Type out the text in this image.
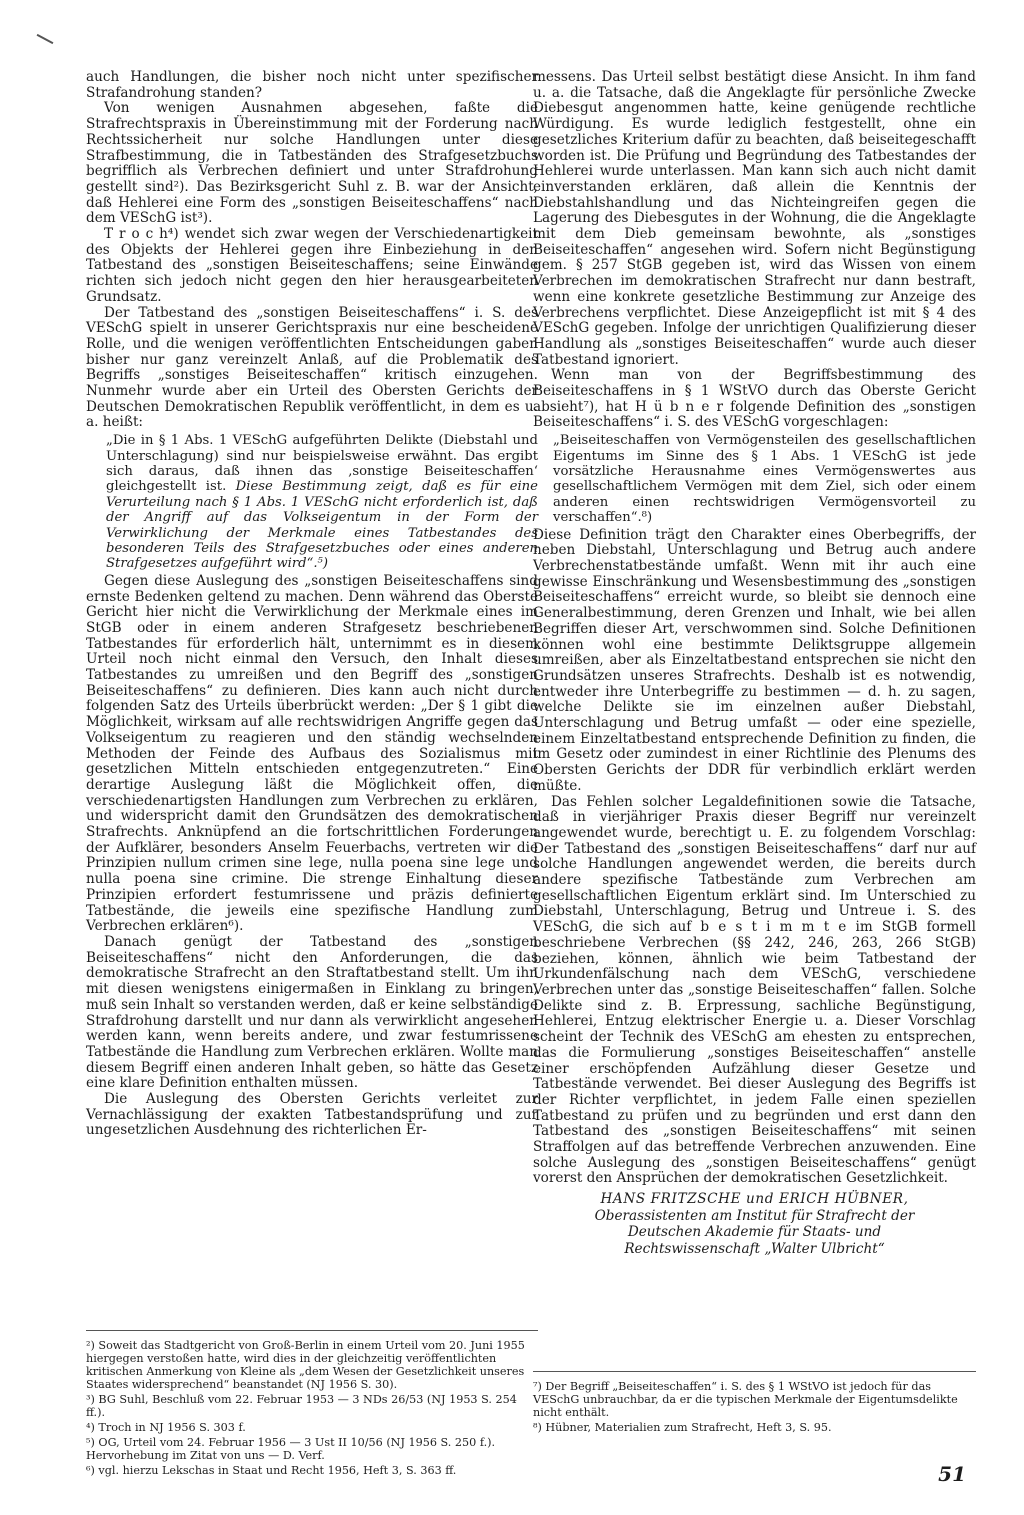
auch Handlungen, die bisher noch nicht unter spezifischer Strafandrohung standen?

Von wenigen Ausnahmen abgesehen, faßte die Strafrechtspraxis in Übereinstimmung mit der Forderung nach Rechtssicherheit nur solche Handlungen unter diese Strafbestimmung, die in Tatbeständen des Strafgesetzbuchs begrifflich als Verbrechen definiert und unter Strafdrohung gestellt sind²). Das Bezirksgericht Suhl z. B. war der Ansicht, daß Hehlerei eine Form des „sonstigen Beiseiteschaffens“ nach dem VESchG ist³).

T r o c h⁴) wendet sich zwar wegen der Verschiedenartigkeit des Objekts der Hehlerei gegen ihre Einbeziehung in den Tatbestand des „sonstigen Beiseiteschaffens; seine Einwände richten sich jedoch nicht gegen den hier herausgearbeiteten Grundsatz.

Der Tatbestand des „sonstigen Beiseiteschaffens“ i. S. des VESchG spielt in unserer Gerichtspraxis nur eine bescheidene Rolle, und die wenigen veröffentlichten Entscheidungen gaben bisher nur ganz vereinzelt Anlaß, auf die Problematik des Begriffs „sonstiges Beiseiteschaffen“ kritisch einzugehen. Nunmehr wurde aber ein Urteil des Obersten Gerichts der Deutschen Demokratischen Republik veröffentlicht, in dem es u. a. heißt:

„Die in § 1 Abs. 1 VESchG aufgeführten Delikte (Diebstahl und Unterschlagung) sind nur beispielsweise erwähnt. Das ergibt sich daraus, daß ihnen das ‚sonstige Beiseiteschaffen‘ gleichgestellt ist. Diese Bestimmung zeigt, daß es für eine Verurteilung nach § 1 Abs. 1 VESchG nicht erforderlich ist, daß der Angriff auf das Volkseigentum in der Form der Verwirklichung der Merkmale eines Tatbestandes des besonderen Teils des Strafgesetzbuches oder eines anderen Strafgesetzes aufgeführt wird“.⁵)

Gegen diese Auslegung des „sonstigen Beiseiteschaffens sind ernste Bedenken geltend zu machen. Denn während das Oberste Gericht hier nicht die Verwirklichung der Merkmale eines im StGB oder in einem anderen Strafgesetz beschriebenen Tatbestandes für erforderlich hält, unternimmt es in diesem Urteil noch nicht einmal den Versuch, den Inhalt dieses Tatbestandes zu umreißen und den Begriff des „sonstigen Beiseiteschaffens“ zu definieren. Dies kann auch nicht durch folgenden Satz des Urteils überbrückt werden: „Der § 1 gibt die Möglichkeit, wirksam auf alle rechtswidrigen Angriffe gegen das Volkseigentum zu reagieren und den ständig wechselnden Methoden der Feinde des Aufbaus des Sozialismus mit gesetzlichen Mitteln entschieden entgegenzutreten.“ Eine derartige Auslegung läßt die Möglichkeit offen, die verschiedenartigsten Handlungen zum Verbrechen zu erklären, und widerspricht damit den Grundsätzen des demokratischen Strafrechts. Anknüpfend an die fortschrittlichen Forderungen der Aufklärer, besonders Anselm Feuerbachs, vertreten wir die Prinzipien nullum crimen sine lege, nulla poena sine lege und nulla poena sine crimine. Die strenge Einhaltung dieser Prinzipien erfordert festumrissene und präzis definierte Tatbestände, die jeweils eine spezifische Handlung zum Verbrechen erklären⁶).

Danach genügt der Tatbestand des „sonstigen Beiseiteschaffens“ nicht den Anforderungen, die das demokratische Strafrecht an den Straftatbestand stellt. Um ihn mit diesen wenigstens einigermaßen in Einklang zu bringen, muß sein Inhalt so verstanden werden, daß er keine selbständige Strafdrohung darstellt und nur dann als verwirklicht angesehen werden kann, wenn bereits andere, und zwar festumrissene Tatbestände die Handlung zum Verbrechen erklären. Wollte man diesem Begriff einen anderen Inhalt geben, so hätte das Gesetz eine klare Definition enthalten müssen.

Die Auslegung des Obersten Gerichts verleitet zur Vernachlässigung der exakten Tatbestandsprüfung und zur ungesetzlichen Ausdehnung des richterlichen Er-

messens. Das Urteil selbst bestätigt diese Ansicht. In ihm fand u. a. die Tatsache, daß die Angeklagte für persönliche Zwecke Diebesgut angenommen hatte, keine genügende rechtliche Würdigung. Es wurde lediglich festgestellt, ohne ein gesetzliches Kriterium dafür zu beachten, daß beiseitegeschafft worden ist. Die Prüfung und Begründung des Tatbestandes der Hehlerei wurde unterlassen. Man kann sich auch nicht damit einverstanden erklären, daß allein die Kenntnis der Diebstahlshandlung und das Nichteingreifen gegen die Lagerung des Diebesgutes in der Wohnung, die die Angeklagte mit dem Dieb gemeinsam bewohnte, als „sonstiges Beiseiteschaffen“ angesehen wird. Sofern nicht Begünstigung gem. § 257 StGB gegeben ist, wird das Wissen von einem Verbrechen im demokratischen Strafrecht nur dann bestraft, wenn eine konkrete gesetzliche Bestimmung zur Anzeige des Verbrechens verpflichtet. Diese Anzeigepflicht ist mit § 4 des VESchG gegeben. Infolge der unrichtigen Qualifizierung dieser Handlung als „sonstiges Beiseiteschaffen“ wurde auch dieser Tatbestand ignoriert.

Wenn man von der Begriffsbestimmung des Beiseiteschaffens in § 1 WStVO durch das Oberste Gericht absieht⁷), hat H ü b n e r folgende Definition des „sonstigen Beiseiteschaffens“ i. S. des VESchG vorgeschlagen:

„Beiseiteschaffen von Vermögensteilen des gesellschaftlichen Eigentums im Sinne des § 1 Abs. 1 VESchG ist jede vorsätzliche Herausnahme eines Vermögenswertes aus gesellschaftlichem Vermögen mit dem Ziel, sich oder einem anderen einen rechtswidrigen Vermögensvorteil zu verschaffen“.⁸)

Diese Definition trägt den Charakter eines Oberbegriffs, der neben Diebstahl, Unterschlagung und Betrug auch andere Verbrechenstatbestände umfaßt. Wenn mit ihr auch eine gewisse Einschränkung und Wesensbestimmung des „sonstigen Beiseiteschaffens“ erreicht wurde, so bleibt sie dennoch eine Generalbestimmung, deren Grenzen und Inhalt, wie bei allen Begriffen dieser Art, verschwommen sind. Solche Definitionen können wohl eine bestimmte Deliktsgruppe allgemein umreißen, aber als Einzeltatbestand entsprechen sie nicht den Grundsätzen unseres Strafrechts. Deshalb ist es notwendig, entweder ihre Unterbegriffe zu bestimmen — d. h. zu sagen, welche Delikte sie im einzelnen außer Diebstahl, Unterschlagung und Betrug umfaßt — oder eine spezielle, einem Einzeltatbestand entsprechende Definition zu finden, die im Gesetz oder zumindest in einer Richtlinie des Plenums des Obersten Gerichts der DDR für verbindlich erklärt werden müßte.

Das Fehlen solcher Legaldefinitionen sowie die Tatsache, daß in vierjähriger Praxis dieser Begriff nur vereinzelt angewendet wurde, berechtigt u. E. zu folgendem Vorschlag: Der Tatbestand des „sonstigen Beiseiteschaffens“ darf nur auf solche Handlungen angewendet werden, die bereits durch andere spezifische Tatbestände zum Verbrechen am gesellschaftlichen Eigentum erklärt sind. Im Unterschied zu Diebstahl, Unterschlagung, Betrug und Untreue i. S. des VESchG, die sich auf b e s t i m m t e im StGB formell beschriebene Verbrechen (§§ 242, 246, 263, 266 StGB) beziehen, können, ähnlich wie beim Tatbestand der Urkundenfälschung nach dem VESchG, verschiedene Verbrechen unter das „sonstige Beiseiteschaffen“ fallen. Solche Delikte sind z. B. Erpressung, sachliche Begünstigung, Hehlerei, Entzug elektrischer Energie u. a. Dieser Vorschlag scheint der Technik des VESchG am ehesten zu entsprechen, das die Formulierung „sonstiges Beiseiteschaffen“ anstelle einer erschöpfenden Aufzählung dieser Gesetze und Tatbestände verwendet. Bei dieser Auslegung des Begriffs ist der Richter verpflichtet, in jedem Falle einen speziellen Tatbestand zu prüfen und zu begründen und erst dann den Tatbestand des „sonstigen Beiseiteschaffens“ mit seinen Straffolgen auf das betreffende Verbrechen anzuwenden. Eine solche Auslegung des „sonstigen Beiseiteschaffens“ genügt vorerst den Ansprüchen der demokratischen Gesetzlichkeit.

HANS FRITZSCHE und ERICH HÜBNER,
Oberassistenten am Institut für Strafrecht der
Deutschen Akademie für Staats- und
Rechtswissenschaft „Walter Ulbricht“
²) Soweit das Stadtgericht von Groß-Berlin in einem Urteil vom 20. Juni 1955 hiergegen verstoßen hatte, wird dies in der gleichzeitig veröffentlichten kritischen Anmerkung von Kleine als „dem Wesen der Gesetzlichkeit unseres Staates widersprechend“ beanstandet (NJ 1956 S. 30).
³) BG Suhl, Beschluß vom 22. Februar 1953 — 3 NDs 26/53 (NJ 1953 S. 254 ff.).
⁴) Troch in NJ 1956 S. 303 f.
⁵) OG, Urteil vom 24. Februar 1956 — 3 Ust II 10/56 (NJ 1956 S. 250 f.). Hervorhebung im Zitat von uns — D. Verf.
⁶) vgl. hierzu Lekschas in Staat und Recht 1956, Heft 3, S. 363 ff.
⁷) Der Begriff „Beiseiteschaffen“ i. S. des § 1 WStVO ist jedoch für das VESchG unbrauchbar, da er die typischen Merkmale der Eigentumsdelikte nicht enthält.
⁸) Hübner, Materialien zum Strafrecht, Heft 3, S. 95.
51
